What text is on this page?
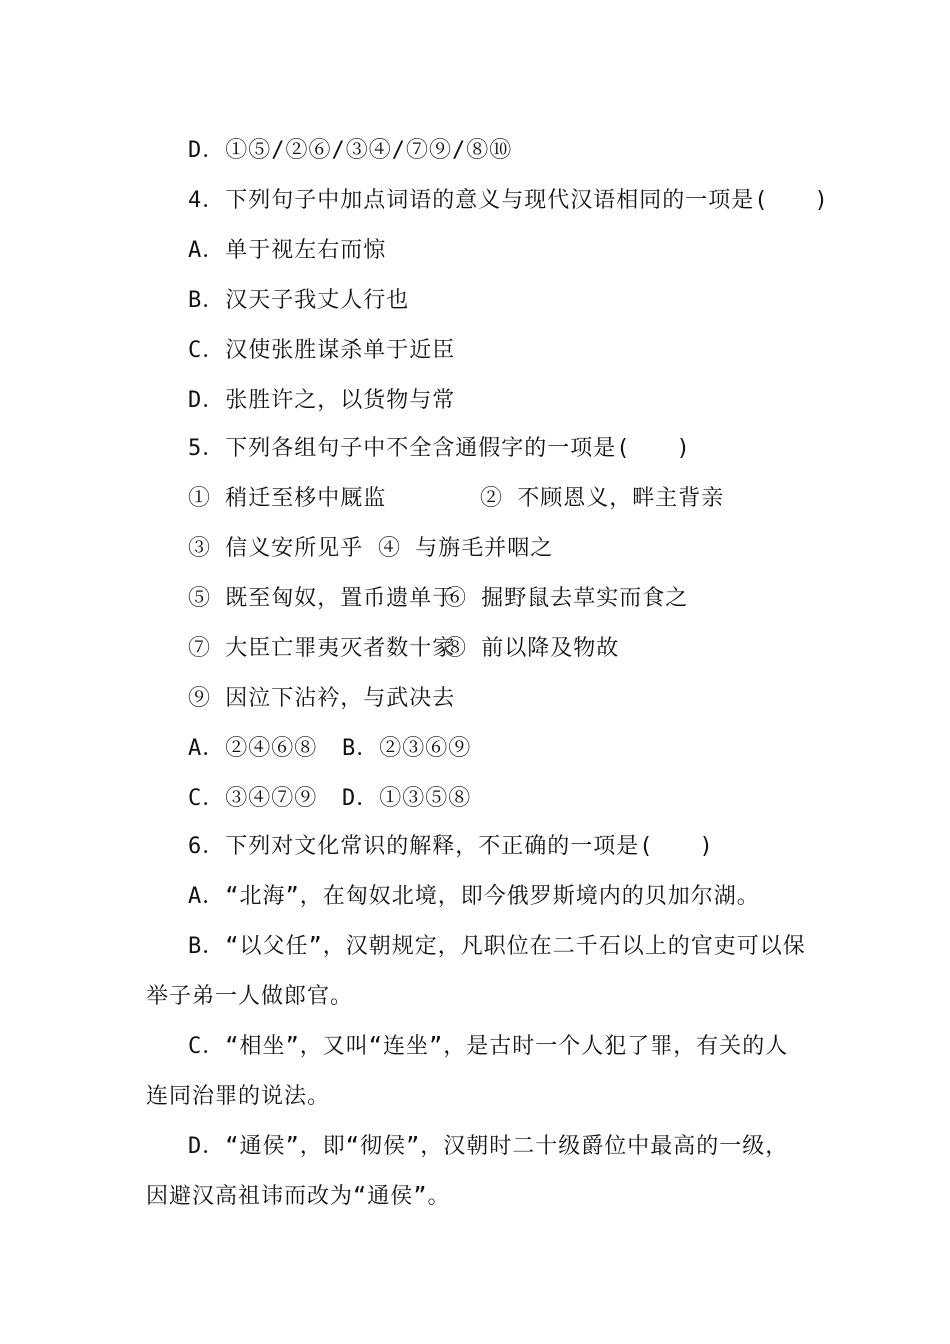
D．①⑤/②⑥/③④/⑦⑨/⑧⑩
4．下列句子中加点词语的意义与现代汉语相同的一项是(　　)
A．单于视左右而惊
B．汉天子我丈人行也
C．汉使张胜谋杀单于近臣
D．张胜许之，以货物与常
5．下列各组句子中不全含通假字的一项是(　　)
① 稍迁至栘中厩监	② 不顾恩义，畔主背亲
③ 信义安所见乎 ④ 与旃毛并咽之
⑤ 既至匈奴，置币遗单于
⑥ 掘野鼠去草实而食之
⑦ 大臣亡罪夷灭者数十家
⑧ 前以降及物故
⑨ 因泣下沾衿，与武决去
A．②④⑥⑧ B．②③⑥⑨
C．③④⑦⑨ D．①③⑤⑧
6．下列对文化常识的解释，不正确的一项是(　　)
A．“北海”，在匈奴北境，即今俄罗斯境内的贝加尔湖。
B．“以父任”，汉朝规定，凡职位在二千石以上的官吏可以保
举子弟一人做郎官。
C．“相坐”，又叫“连坐”，是古时一个人犯了罪，有关的人
连同治罪的说法。
D．“通侯”，即“彻侯”，汉朝时二十级爵位中最高的一级，
因避汉高祖讳而改为“通侯”。
